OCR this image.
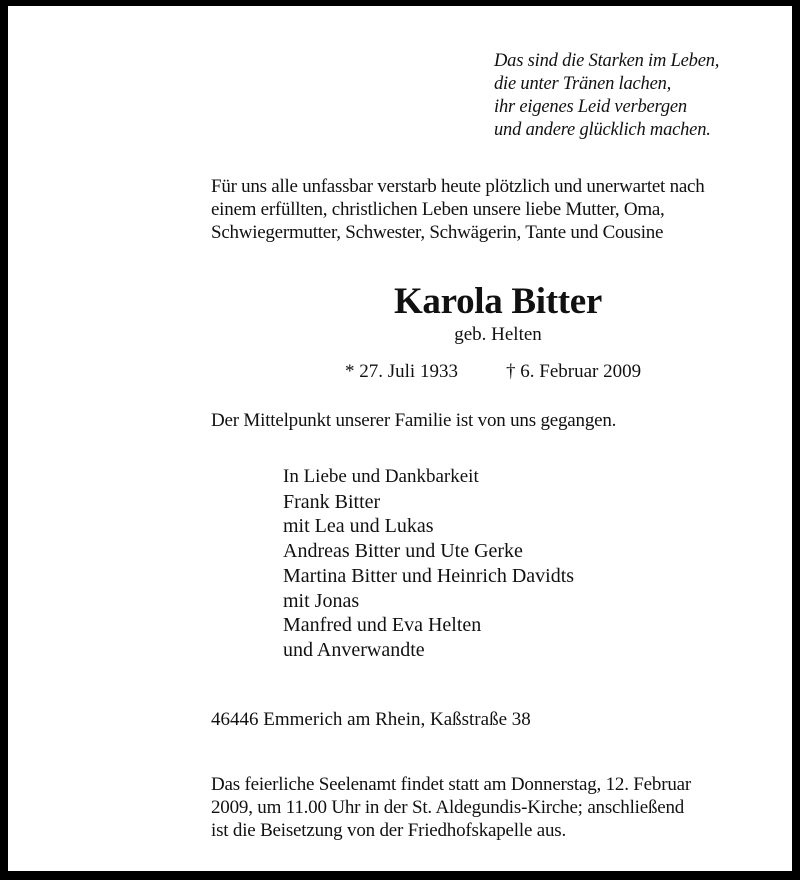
Das sind die Starken im Leben,
die unter Tränen lachen,
ihr eigenes Leid verbergen
und andere glücklich machen.
Für uns alle unfassbar verstarb heute plötzlich und unerwartet nach
einem erfüllten, christlichen Leben unsere liebe Mutter, Oma,
Schwiegermutter, Schwester, Schwägerin, Tante und Cousine
Karola Bitter
geb. Helten
* 27. Juli 1933	† 6. Februar 2009
Der Mittelpunkt unserer Familie ist von uns gegangen.
In Liebe und Dankbarkeit
Frank Bitter
mit Lea und Lukas
Andreas Bitter und Ute Gerke
Martina Bitter und Heinrich Davidts
mit Jonas
Manfred und Eva Helten
und Anverwandte
46446 Emmerich am Rhein, Kaßstraße 38
Das feierliche Seelenamt findet statt am Donnerstag, 12. Februar
2009, um 11.00 Uhr in der St. Aldegundis-Kirche; anschließend
ist die Beisetzung von der Friedhofskapelle aus.
